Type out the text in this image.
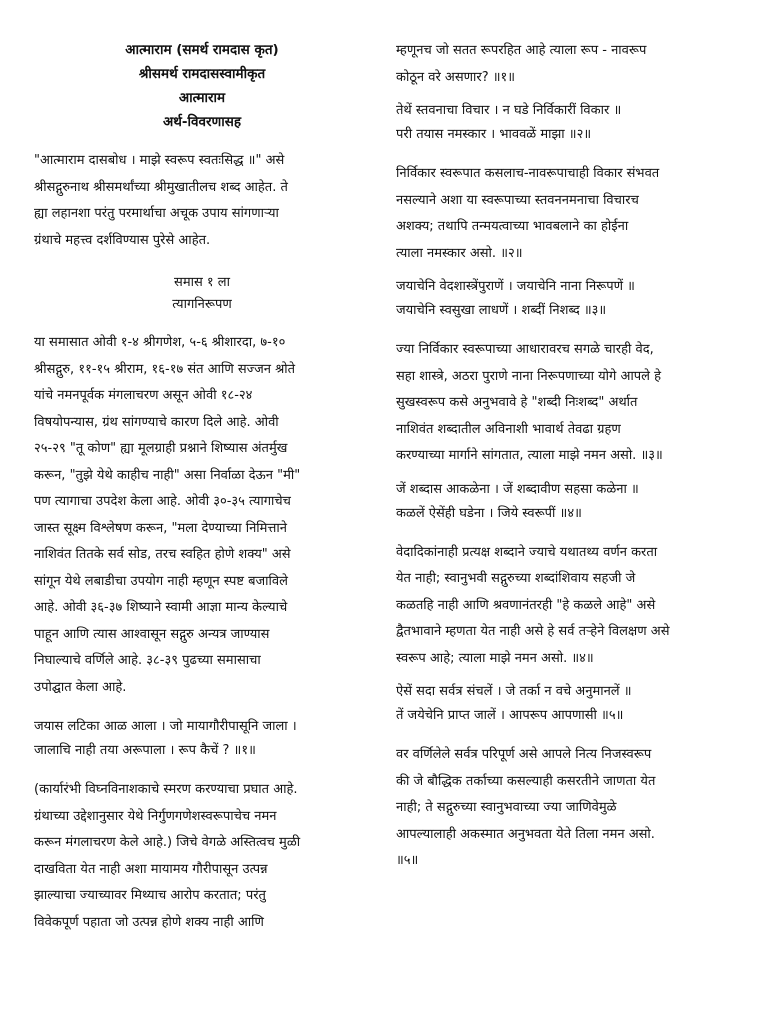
आत्माराम (समर्थ रामदास कृत)

श्रीसमर्थ रामदासस्वामीकृत

आत्माराम

अर्थ-विवरणासह

"आत्माराम दासबोध । माझे स्वरूप स्वतःसिद्ध ॥" असे

श्रीसद्गुरुनाथ श्रीसमर्थांच्या श्रीमुखातीलच शब्द आहेत. ते

ह्या लहानशा परंतु परमार्थाचा अचूक उपाय सांगणाऱ्या

ग्रंथाचे महत्त्व दर्शविण्यास पुरेसे आहेत.

समास १ ला

त्यागनिरूपण

या समासात ओवी १-४ श्रीगणेश, ५-६ श्रीशारदा, ७-१०

श्रीसद्गुरु, ११-१५ श्रीराम, १६-१७ संत आणि सज्जन श्रोते

यांचे नमनपूर्वक मंगलाचरण असून ओवी १८-२४

विषयोपन्यास, ग्रंथ सांगण्याचे कारण दिले आहे. ओवी

२५-२९ "तू कोण" ह्या मूलग्राही प्रश्नाने शिष्यास अंतर्मुख

करून, "तुझे येथे काहीच नाही" असा निर्वाळा देऊन "मी"

पण त्यागाचा उपदेश केला आहे. ओवी ३०-३५ त्यागाचेच

जास्त सूक्ष्म विश्लेषण करून, "मला देण्याच्या निमित्ताने

नाशिवंत तितके सर्व सोड, तरच स्वहित होणे शक्य" असे

सांगून येथे लबाडीचा उपयोग नाही म्हणून स्पष्ट बजाविले

आहे. ओवी ३६-३७ शिष्याने स्वामी आज्ञा मान्य केल्याचे

पाहून आणि त्यास आश्वासून सद्गुरु अन्यत्र जाण्यास

निघाल्याचे वर्णिले आहे. ३८-३९ पुढच्या समासाचा

उपोद्घात केला आहे.

जयास लटिका आळ आला । जो मायागौरीपासूनि जाला ।

जालाचि नाही तया अरूपाला । रूप कैचें ? ॥१॥

(कार्यारंभी विघ्नविनाशकाचे स्मरण करण्याचा प्रघात आहे.

ग्रंथाच्या उद्देशानुसार येथे निर्गुणगणेशस्वरूपाचेच नमन

करून मंगलाचरण केले आहे.) जिचे वेगळे अस्तित्वच मुळी

दाखविता येत नाही अशा मायामय गौरीपासून उत्पन्न

झाल्याचा ज्याच्यावर मिथ्याच आरोप करतात; परंतु

विवेकपूर्ण पहाता जो उत्पन्न होणे शक्य नाही आणि

म्हणूनच जो सतत रूपरहित आहे त्याला रूप - नावरूप

कोठून वरे असणार? ॥१॥

तेथें स्तवनाचा विचार । न घडे निर्विकारीं विकार ॥

परी तयास नमस्कार । भाववळें माझा ॥२॥

निर्विकार स्वरूपात कसलाच-नावरूपाचाही विकार संभवत

नसल्याने अशा या स्वरूपाच्या स्तवननमनाचा विचारच

अशक्य; तथापि तन्मयत्वाच्या भावबलाने का होईना

त्याला नमस्कार असो. ॥२॥

जयाचेनि वेदशास्त्रेंपुराणें । जयाचेनि नाना निरूपणें ॥

जयाचेनि स्वसुखा लाधणें । शब्दीं निशब्द ॥३॥

ज्या निर्विकार स्वरूपाच्या आधारावरच सगळे चारही वेद,

सहा शास्त्रे, अठरा पुराणे नाना निरूपणाच्या योगे आपले हे

सुखस्वरूप कसे अनुभवावे हे "शब्दी निःशब्द" अर्थात

नाशिवंत शब्दातील अविनाशी भावार्थ तेवढा ग्रहण

करण्याच्या मार्गाने सांगतात, त्याला माझे नमन असो. ॥३॥

जें शब्दास आकळेना । जें शब्दावीण सहसा कळेना ॥

कळलें ऐसेंही घडेना । जिये स्वरूपीं ॥४॥

वेदादिकांनाही प्रत्यक्ष शब्दाने ज्याचे यथातथ्य वर्णन करता

येत नाही; स्वानुभवी सद्गुरुच्या शब्दांशिवाय सहजी जे

कळतहि नाही आणि श्रवणानंतरही "हे कळले आहे" असे

द्वैतभावाने म्हणता येत नाही असे हे सर्व तऱ्हेने विलक्षण असे

स्वरूप आहे; त्याला माझे नमन असो. ॥४॥

ऐसें सदा सर्वत्र संचलें । जे तर्का न वचे अनुमानलें ॥

तें जयेचेनि प्राप्त जालें । आपरूप आपणासी ॥५॥

वर वर्णिलेले सर्वत्र परिपूर्ण असे आपले नित्य निजस्वरूप

की जे बौद्धिक तर्काच्या कसल्याही कसरतीने जाणता येत

नाही; ते सद्गुरुच्या स्वानुभवाच्या ज्या जाणिवेमुळे

आपल्यालाही अकस्मात अनुभवता येते तिला नमन असो.

॥५॥
